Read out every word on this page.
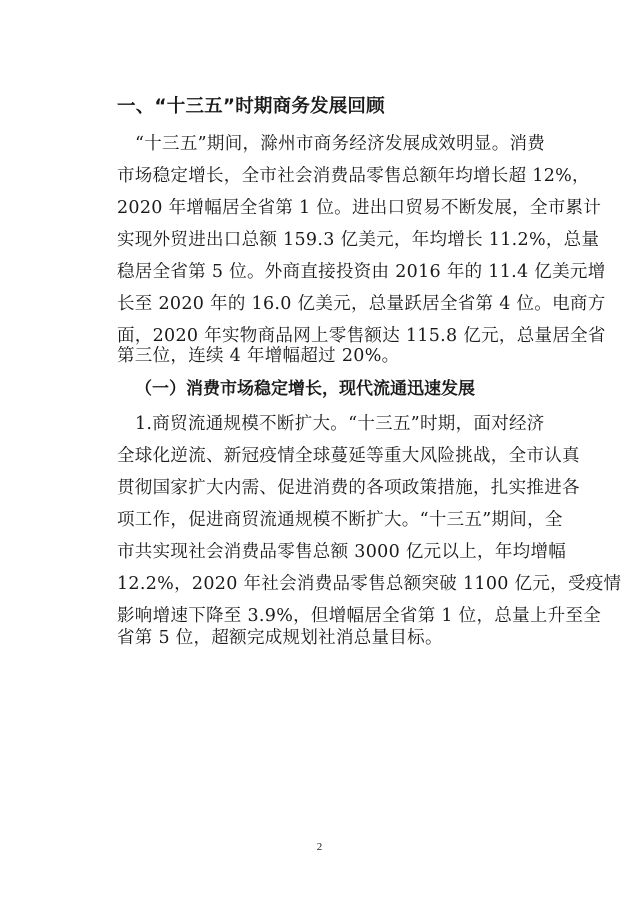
一、“十三五”时期商务发展回顾
“十三五”期间，滁州市商务经济发展成效明显。消费
市场稳定增长，全市社会消费品零售总额年均增长超 12%，
2020 年增幅居全省第 1 位。进出口贸易不断发展，全市累计
实现外贸进出口总额 159.3 亿美元，年均增长 11.2%，总量
稳居全省第 5 位。外商直接投资由 2016 年的 11.4 亿美元增
长至 2020 年的 16.0 亿美元，总量跃居全省第 4 位。电商方
面，2020 年实物商品网上零售额达 115.8 亿元，总量居全省
第三位，连续 4 年增幅超过 20%。
（一）消费市场稳定增长，现代流通迅速发展
1.商贸流通规模不断扩大。“十三五”时期，面对经济
全球化逆流、新冠疫情全球蔓延等重大风险挑战，全市认真
贯彻国家扩大内需、促进消费的各项政策措施，扎实推进各
项工作，促进商贸流通规模不断扩大。“十三五”期间，全
市共实现社会消费品零售总额 3000 亿元以上，年均增幅
12.2%，2020 年社会消费品零售总额突破 1100 亿元，受疫情
影响增速下降至 3.9%，但增幅居全省第 1 位，总量上升至全
省第 5 位，超额完成规划社消总量目标。
2
